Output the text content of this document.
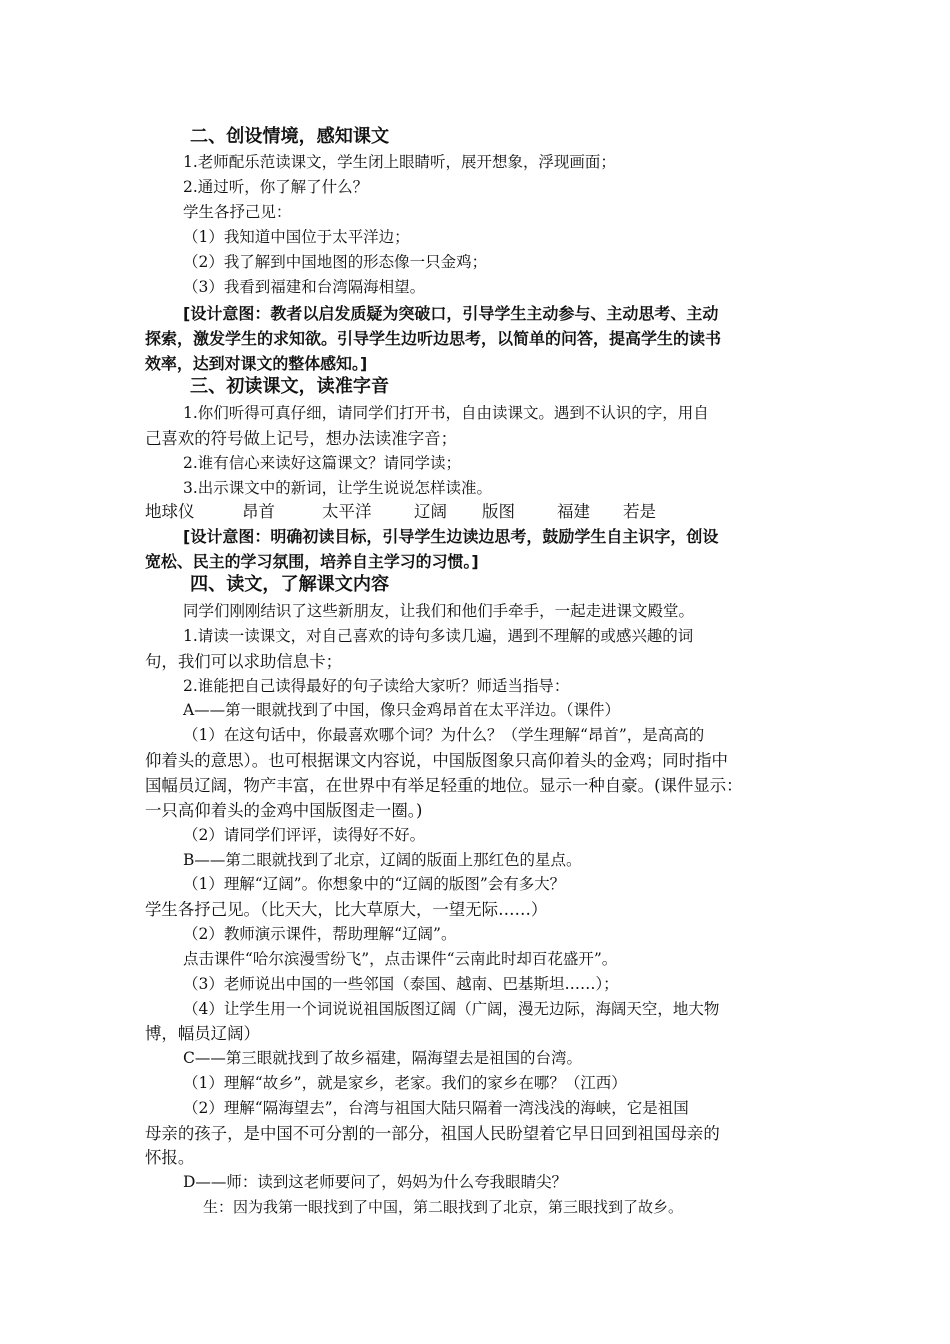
二、创设情境，感知课文
1.老师配乐范读课文，学生闭上眼睛听，展开想象，浮现画面；
2.通过听，你了解了什么？
学生各抒己见：
（1）我知道中国位于太平洋边；
（2）我了解到中国地图的形态像一只金鸡；
（3）我看到福建和台湾隔海相望。
[设计意图：教者以启发质疑为突破口，引导学生主动参与、主动思考、主动
探索，激发学生的求知欲。引导学生边听边思考，以简单的问答，提高学生的读书
效率，达到对课文的整体感知。]
三、初读课文，读准字音
1.你们听得可真仔细，请同学们打开书，自由读课文。遇到不认识的字，用自
己喜欢的符号做上记号，想办法读准字音；
2.谁有信心来读好这篇课文？请同学读；
3.出示课文中的新词，让学生说说怎样读准。
地球仪	昂首	太平洋	辽阔 版图	福建 若是
[设计意图：明确初读目标，引导学生边读边思考，鼓励学生自主识字，创设
宽松、民主的学习氛围，培养自主学习的习惯。]
四、读文，了解课文内容
同学们刚刚结识了这些新朋友，让我们和他们手牵手，一起走进课文殿堂。
1.请读一读课文，对自己喜欢的诗句多读几遍，遇到不理解的或感兴趣的词
句，我们可以求助信息卡；
2.谁能把自己读得最好的句子读给大家听？师适当指导：
A——第一眼就找到了中国，像只金鸡昂首在太平洋边。（课件）
（1）在这句话中，你最喜欢哪个词？为什么？（学生理解“昂首”，是高高的
仰着头的意思）。也可根据课文内容说，中国版图象只高仰着头的金鸡；同时指中
国幅员辽阔，物产丰富，在世界中有举足轻重的地位。显示一种自豪。(课件显示：
一只高仰着头的金鸡中国版图走一圈。)
（2）请同学们评评，读得好不好。
B——第二眼就找到了北京，辽阔的版面上那红色的星点。
（1）理解“辽阔”。你想象中的“辽阔的版图”会有多大？
学生各抒己见。（比天大，比大草原大，一望无际……）
（2）教师演示课件，帮助理解“辽阔”。
点击课件“哈尔滨漫雪纷飞”，点击课件“云南此时却百花盛开”。
（3）老师说出中国的一些邻国（泰国、越南、巴基斯坦……）；
（4）让学生用一个词说说祖国版图辽阔（广阔，漫无边际，海阔天空，地大物
博，幅员辽阔）
C——第三眼就找到了故乡福建，隔海望去是祖国的台湾。
（1）理解“故乡”，就是家乡，老家。我们的家乡在哪？（江西）
（2）理解“隔海望去”，台湾与祖国大陆只隔着一湾浅浅的海峡，它是祖国
母亲的孩子，是中国不可分割的一部分，祖国人民盼望着它早日回到祖国母亲的
怀报。
D——师：读到这老师要问了，妈妈为什么夸我眼睛尖？
生：因为我第一眼找到了中国，第二眼找到了北京，第三眼找到了故乡。
